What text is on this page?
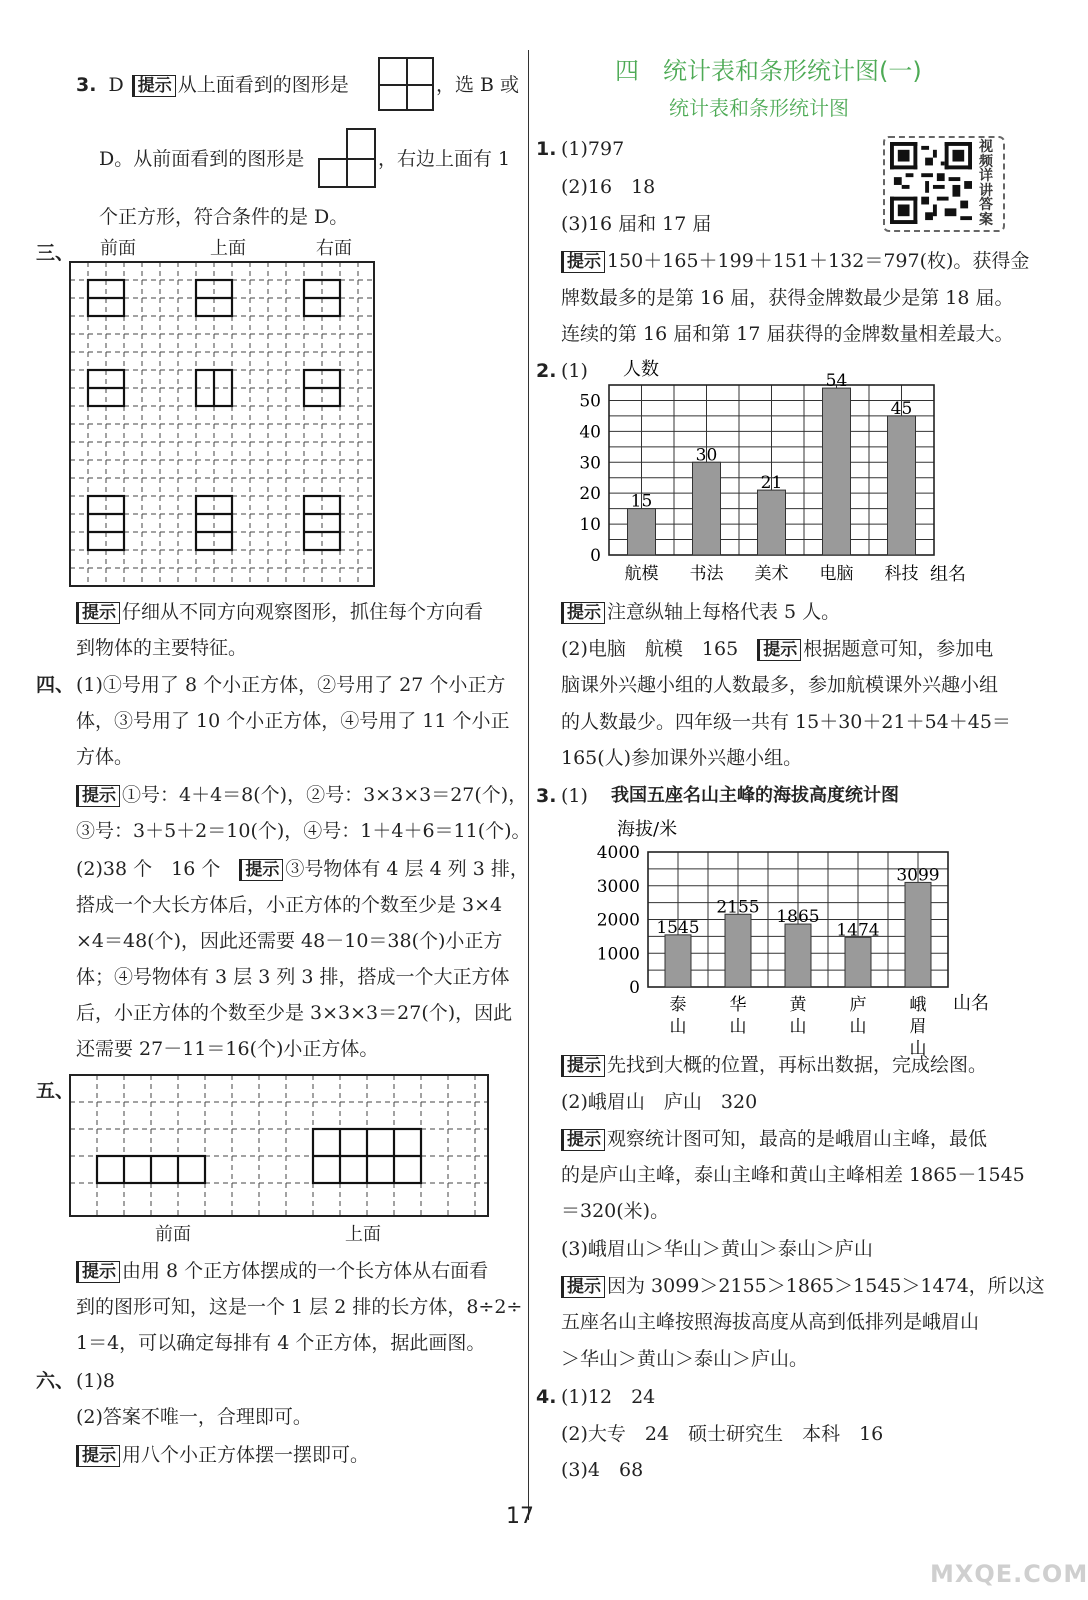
3. D 提示 从上面看到的图形是	，选 B 或
D。从前面看到的图形是	，右边上面有 1
个正方形，符合条件的是 D。
三、 前面	上面	右面
提示 仔细从不同方向观察图形，抓住每个方向看
到物体的主要特征。
四、 (1)①号用了 8 个小正方体，②号用了 27 个小正方
体，③号用了 10 个小正方体，④号用了 11 个小正
方体。
提示 ①号：4＋4＝8(个)，②号：3×3×3＝27(个)，
③号：3＋5＋2＝10(个)，④号：1＋4＋6＝11(个)。
(2)38 个　16 个　 提示 ③号物体有 4 层 4 列 3 排，
搭成一个大长方体后，小正方体的个数至少是 3×4
×4＝48(个)，因此还需要 48－10＝38(个)小正方
体；④号物体有 3 层 3 列 3 排，搭成一个大正方体
后，小正方体的个数至少是 3×3×3＝27(个)，因此
还需要 27－11＝16(个)小正方体。
五、
前面	上面
提示 由用 8 个正方体摆成的一个长方体从右面看
到的图形可知，这是一个 1 层 2 排的长方体，8÷2÷
1＝4，可以确定每排有 4 个正方体，据此画图。
六、 (1)8
(2)答案不唯一，合理即可。
提示 用八个小正方体摆一摆即可。
四　统计表和条形统计图(一)
统计表和条形统计图
视频详讲答案
1. (1)797
(2)16　18
(3)16 届和 17 届
提示 150＋165＋199＋151＋132＝797(枚)。获得金
牌数最多的是第 16 届，获得金牌数最少是第 18 届。
连续的第 16 届和第 17 届获得的金牌数量相差最大。
2. (1) 人数
组名
0
10
20
30
40
50
15
航模
30
书法
21
美术
54
电脑
45
科技
提示 注意纵轴上每格代表 5 人。
(2)电脑　航模　165　 提示 根据题意可知，参加电
脑课外兴趣小组的人数最多，参加航模课外兴趣小组
的人数最少。四年级一共有 15＋30＋21＋54＋45＝
165(人)参加课外兴趣小组。
3. (1) 我国五座名山主峰的海拔高度统计图
海拔/米
山名
0
1000
2000
3000
4000
1545
泰
山
2155
华
山
1865
黄
山
1474
庐
山
3099
峨
眉
山
提示 先找到大概的位置，再标出数据，完成绘图。
(2)峨眉山　庐山　320
提示 观察统计图可知，最高的是峨眉山主峰，最低
的是庐山主峰，泰山主峰和黄山主峰相差 1865－1545
＝320(米)。
(3)峨眉山＞华山＞黄山＞泰山＞庐山
提示 因为 3099＞2155＞1865＞1545＞1474，所以这
五座名山主峰按照海拔高度从高到低排列是峨眉山
＞华山＞黄山＞泰山＞庐山。
4. (1)12　24
(2)大专　24　硕士研究生　本科　16
(3)4　68
17
MXQE.COM
